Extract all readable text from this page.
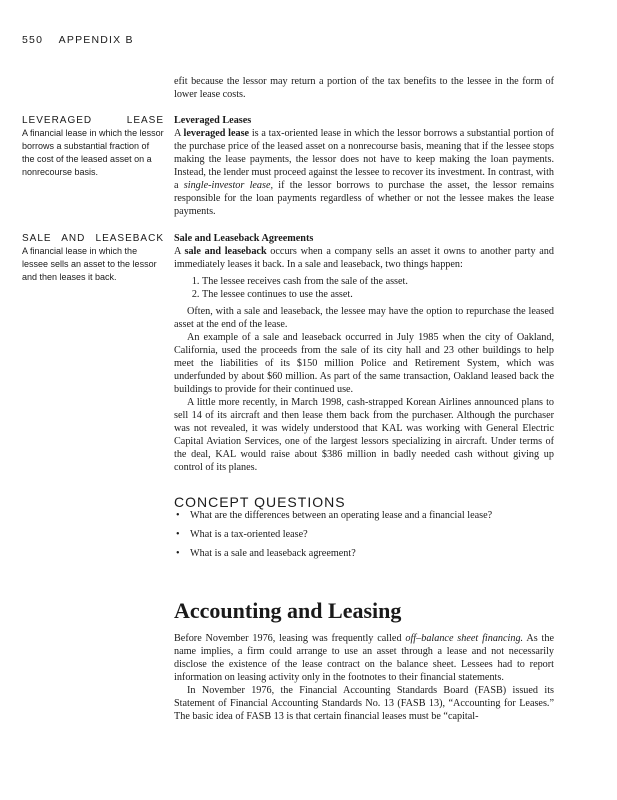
550 APPENDIX B

efit because the lessor may return a portion of the tax benefits to the lessee in the form of lower lease costs.

LEVERAGED LEASE
A financial lease in which the lessor borrows a substantial fraction of the cost of the leased asset on a nonrecourse basis.

Leveraged Leases

A leveraged lease is a tax-oriented lease in which the lessor borrows a substantial portion of the purchase price of the leased asset on a nonrecourse basis, meaning that if the lessee stops making the lease payments, the lessor does not have to keep making the loan payments. Instead, the lender must proceed against the lessee to recover its investment. In contrast, with a single-investor lease, if the lessor borrows to purchase the asset, the lessor remains responsible for the loan payments regardless of whether or not the lessee makes the lease payments.

SALE AND LEASEBACK
A financial lease in which the lessee sells an asset to the lessor and then leases it back.

Sale and Leaseback Agreements

A sale and leaseback occurs when a company sells an asset it owns to another party and immediately leases it back. In a sale and leaseback, two things happen:

1. The lessee receives cash from the sale of the asset.
2. The lessee continues to use the asset.

Often, with a sale and leaseback, the lessee may have the option to repurchase the leased asset at the end of the lease.

An example of a sale and leaseback occurred in July 1985 when the city of Oakland, California, used the proceeds from the sale of its city hall and 23 other buildings to help meet the liabilities of its $150 million Police and Retirement System, which was underfunded by about $60 million. As part of the same transaction, Oakland leased back the buildings to provide for their continued use.

A little more recently, in March 1998, cash-strapped Korean Airlines announced plans to sell 14 of its aircraft and then lease them back from the purchaser. Although the purchaser was not revealed, it was widely understood that KAL was working with General Electric Capital Aviation Services, one of the largest lessors specializing in aircraft. Under terms of the deal, KAL would raise about $386 million in badly needed cash without giving up control of its planes.

CONCEPT QUESTIONS

• What are the differences between an operating lease and a financial lease?
• What is a tax-oriented lease?
• What is a sale and leaseback agreement?

Accounting and Leasing

Before November 1976, leasing was frequently called off–balance sheet financing. As the name implies, a firm could arrange to use an asset through a lease and not necessarily disclose the existence of the lease contract on the balance sheet. Lessees had to report information on leasing activity only in the footnotes to their financial statements.

In November 1976, the Financial Accounting Standards Board (FASB) issued its Statement of Financial Accounting Standards No. 13 (FASB 13), “Accounting for Leases.” The basic idea of FASB 13 is that certain financial leases must be “capital-
